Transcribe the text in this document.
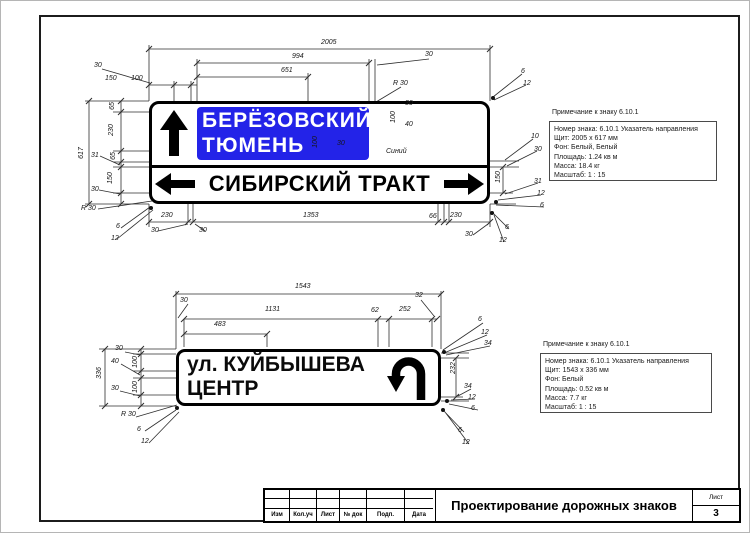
БЕРЁЗОВСКИЙ
ТЮМЕНЬ
СИБИРСКИЙ ТРАКТ
2005
994	30
651
30
150 100
R 30
6
12
30
100
40
100	30
Синий
617
65
230
31 65
150
30
R 30
6
12
10
30
150	31
12
6
230	1353	66 230
30	30
30
6
12
Примечание к знаку 6.10.1
Номер знака: 6.10.1 Указатель направления
Щит: 2005 х 617 мм
Фон: Белый, Белый
Площадь: 1.24 кв м
Масса: 18.4 кг
Масштаб: 1 : 15
ул. КУЙБЫШЕВА
ЦЕНТР
1543
30
1131
483
62	252
32
6
12
34
232
34
12
6
6
12
336
30
40 100
100
30
R 30
6
12
Примечание к знаку 6.10.1
Номер знака: 6.10.1 Указатель направления
Щит: 1543 х 336 мм
Фон: Белый
Площадь: 0.52 кв м
Масса: 7.7 кг
Масштаб: 1 : 15
Изм	Кол.уч	Лист	№ док	Подп.	Дата
Проектирование дорожных знаков
Лист
3
